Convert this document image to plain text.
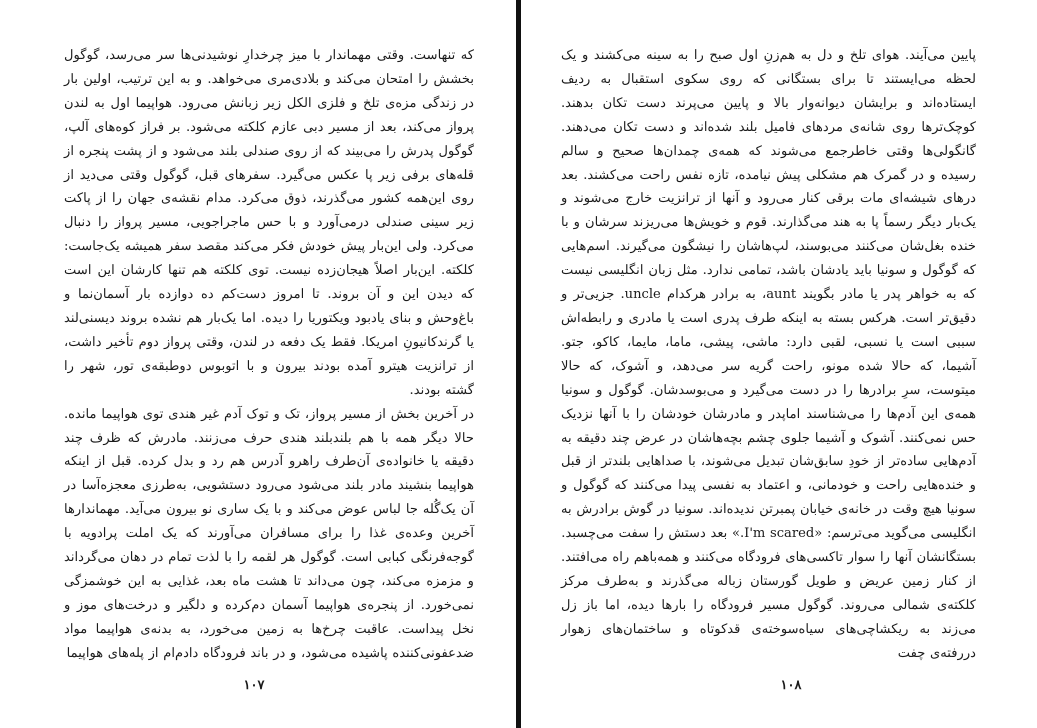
که تنهاست. وقتی مهماندار با میز چرخدارِ نوشیدنی‌ها سر می‌رسد، گوگول بخشش را امتحان می‌کند و بلادی‌مری می‌خواهد. و به این ترتیب، اولین بار در زندگی مزه‌ی تلخ و فلزی الکل زیر زبانش می‌رود. هواپیما اول به لندن پرواز می‌کند، بعد از مسیر دبی عازم کلکته می‌شود. بر فراز کوه‌های آلپ، گوگول پدرش را می‌بیند که از روی صندلی بلند می‌شود و از پشت پنجره از قله‌های برفی زیر پا عکس می‌گیرد. سفرهای قبل، گوگول وقتی می‌دید از روی این‌همه کشور می‌گذرند، ذوق می‌کرد. مدام نقشه‌ی جهان را از پاکت زیر سینی صندلی درمی‌آورد و با حس ماجراجویی، مسیر پرواز را دنبال می‌کرد. ولی این‌بار پیش خودش فکر می‌کند مقصد سفر همیشه یک‌جاست: کلکته. این‌بار اصلاً هیجان‌زده نیست. توی کلکته هم تنها کارشان این است که دیدن این و آن بروند. تا امروز دست‌کم ده دوازده بار آسمان‌نما و باغ‌وحش و بنای یادبود ویکتوریا را دیده. اما یک‌بار هم نشده بروند دیسنی‌لند یا گرندکانیونِ امریکا. فقط یک دفعه در لندن، وقتی پرواز دوم تأخیر داشت، از ترانزیت هیترو آمده بودند بیرون و با اتوبوس دوطبقه‌ی تور، شهر را گشته بودند.

در آخرین بخش از مسیر پرواز، تک و توک آدم غیر هندی توی هواپیما مانده. حالا دیگر همه با هم بلندبلند هندی حرف می‌زنند. مادرش که ظرف چند دقیقه یا خانواده‌ی آن‌طرف راهرو آدرس هم رد و بدل کرده. قبل از اینکه هواپیما بنشیند مادر بلند می‌شود می‌رود دستشویی، به‌طرزی معجزه‌آسا در آن یک‌گُله جا لباس عوض می‌کند و با یک ساری نو بیرون می‌آید. مهماندارها آخرین وعده‌ی غذا را برای مسافران می‌آورند که یک املت پرادویه با گوجه‌فرنگی کبابی است. گوگول هر لقمه را با لذت تمام در دهان می‌گرداند و مزمزه می‌کند، چون می‌داند تا هشت ماه بعد، غذایی به این خوشمزگی نمی‌خورد. از پنجره‌ی هواپیما آسمان دم‌کرده و دلگیر و درخت‌های موز و نخل پیداست. عاقبت چرخ‌ها به زمین می‌خورد، به بدنه‌ی هواپیما مواد ضدعفونی‌کننده پاشیده می‌شود، و در باند فرودگاه دادم‌ام از پله‌های هواپیما

۱۰۷

پایین می‌آیند. هوای تلخ و دل به هم‌زنِ اول صبح را به سینه می‌کشند و یک لحظه می‌ایستند تا برای بستگانی که روی سکوی استقبال به ردیف ایستاده‌اند و برایشان دیوانه‌وار بالا و پایین می‌پرند دست تکان بدهند. کوچک‌ترها روی شانه‌ی مردهای فامیل بلند شده‌اند و دست تکان می‌دهند. گانگولی‌ها وقتی خاطرجمع می‌شوند که همه‌ی چمدان‌ها صحیح و سالم رسیده و در گمرک هم مشکلی پیش نیامده، تازه نفس راحت می‌کشند. بعد درهای شیشه‌ای مات برقی کنار می‌رود و آنها از ترانزیت خارج می‌شوند و یک‌بار دیگر رسماً پا به هند می‌گذارند. قوم و خویش‌ها می‌ریزند سرشان و با خنده بغل‌شان می‌کنند می‌بوسند، لپ‌هاشان را نیشگون می‌گیرند. اسم‌هایی که گوگول و سونیا باید یادشان باشد، تمامی ندارد. مثل زبان انگلیسی نیست که به خواهر پدر یا مادر بگویند aunt، به برادر هرکدام uncle. جزیی‌تر و دقیق‌تر است. هرکس بسته به اینکه طرف پدری است یا مادری و رابطه‌اش سببی است یا نسبی، لقبی دارد: ماشی، پیشی، ماما، مایما، کاکو، جتو. آشیما، که حالا شده مونو، راحت گریه سر می‌دهد، و آشوک، که حالا میتوست، سرِ برادرها را در دست می‌گیرد و می‌بوسدشان. گوگول و سونیا همه‌ی این آدم‌ها را می‌شناسند اماپدر و مادرشان خودشان را با آنها نزدیک حس نمی‌کنند. آشوک و آشیما جلوی چشم بچه‌هاشان در عرض چند دقیقه به آدم‌هایی ساده‌تر از خودِ سابق‌شان تبدیل می‌شوند، با صداهایی بلندتر از قبل و خنده‌هایی راحت و خودمانی، و اعتماد به نفسی پیدا می‌کنند که گوگول و سونیا هیچ وقت در خانه‌ی خیابان پمبرتن ندیده‌اند. سونیا در گوش برادرش به انگلیسی می‌گوید می‌ترسم: «I'm scared.» بعد دستش را سفت می‌چسبد.

بستگانشان آنها را سوار تاکسی‌های فرودگاه می‌کنند و همه‌باهم راه می‌افتند. از کنار زمین عریض و طویل گورستان زباله می‌گذرند و به‌طرف مرکز کلکته‌ی شمالی می‌روند. گوگول مسیر فرودگاه را بارها دیده، اما باز زل می‌زند به ریکشاچی‌های سیاه‌سوخته‌ی قدکوتاه و ساختمان‌های زهوار دررفته‌ی چفت‌

۱۰۸
